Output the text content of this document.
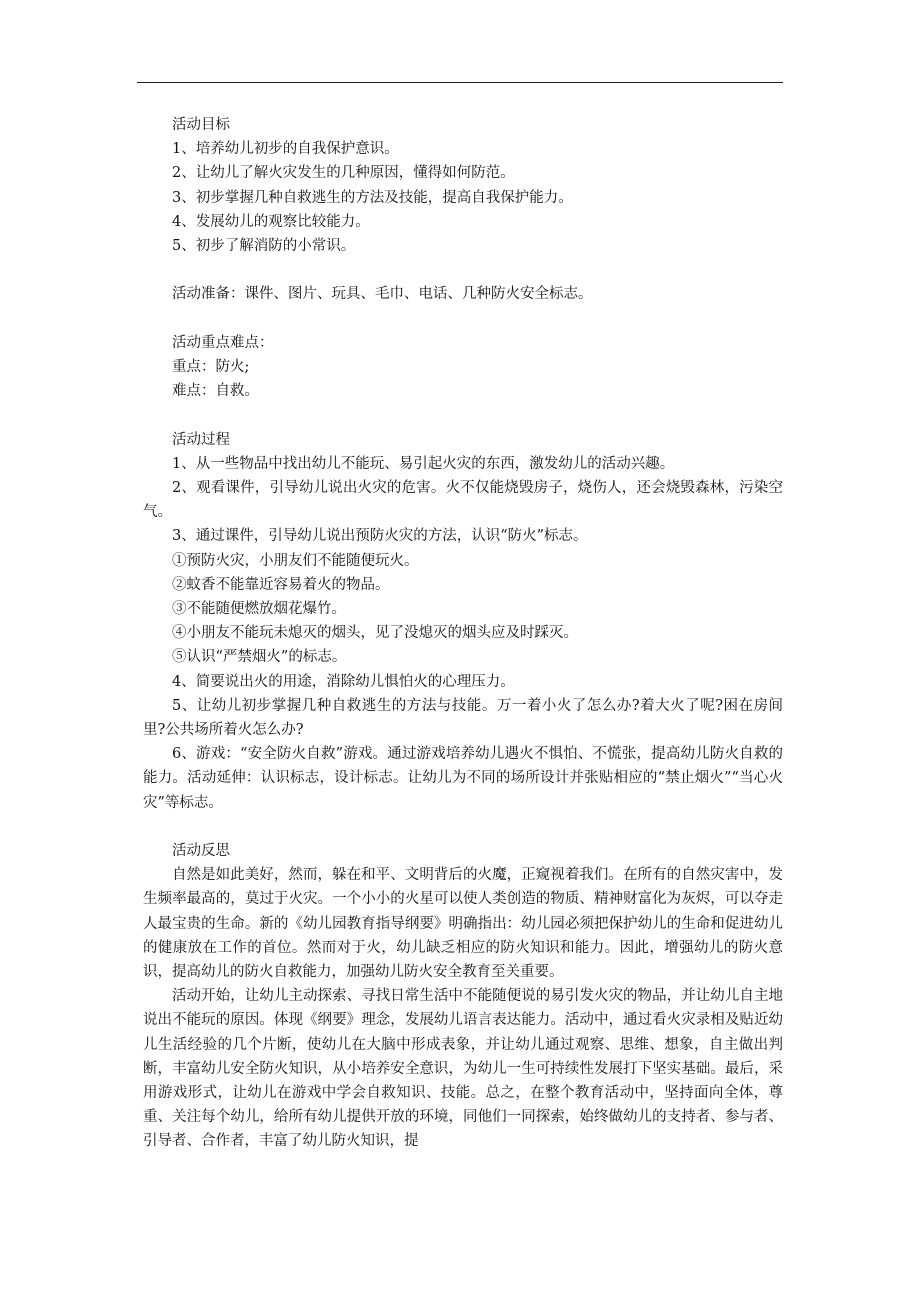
活动目标
1、培养幼儿初步的自我保护意识。
2、让幼儿了解火灾发生的几种原因，懂得如何防范。
3、初步掌握几种自救逃生的方法及技能，提高自我保护能力。
4、发展幼儿的观察比较能力。
5、初步了解消防的小常识。
活动准备：课件、图片、玩具、毛巾、电话、几种防火安全标志。
活动重点难点：
重点：防火;
难点：自救。
活动过程
1、从一些物品中找出幼儿不能玩、易引起火灾的东西，激发幼儿的活动兴趣。
2、观看课件，引导幼儿说出火灾的危害。火不仅能烧毁房子，烧伤人，还会烧毁森林，污染空气。
3、通过课件，引导幼儿说出预防火灾的方法，认识“防火”标志。
①预防火灾，小朋友们不能随便玩火。
②蚊香不能靠近容易着火的物品。
③不能随便燃放烟花爆竹。
④小朋友不能玩未熄灭的烟头，见了没熄灭的烟头应及时踩灭。
⑤认识“严禁烟火”的标志。
4、简要说出火的用途，消除幼儿惧怕火的心理压力。
5、让幼儿初步掌握几种自救逃生的方法与技能。万一着小火了怎么办?着大火了呢?困在房间里?公共场所着火怎么办?
6、游戏：“安全防火自救”游戏。通过游戏培养幼儿遇火不惧怕、不慌张，提高幼儿防火自救的能力。活动延伸：认识标志，设计标志。让幼儿为不同的场所设计并张贴相应的“禁止烟火”“当心火灾”等标志。
活动反思
自然是如此美好，然而，躲在和平、文明背后的火魔，正窥视着我们。在所有的自然灾害中，发生频率最高的，莫过于火灾。一个小小的火星可以使人类创造的物质、精神财富化为灰烬，可以夺走人最宝贵的生命。新的《幼儿园教育指导纲要》明确指出：幼儿园必须把保护幼儿的生命和促进幼儿的健康放在工作的首位。然而对于火，幼儿缺乏相应的防火知识和能力。因此，增强幼儿的防火意识，提高幼儿的防火自救能力，加强幼儿防火安全教育至关重要。
活动开始，让幼儿主动探索、寻找日常生活中不能随便说的易引发火灾的物品，并让幼儿自主地说出不能玩的原因。体现《纲要》理念，发展幼儿语言表达能力。活动中，通过看火灾录相及贴近幼儿生活经验的几个片断，使幼儿在大脑中形成表象，并让幼儿通过观察、思维、想象，自主做出判断，丰富幼儿安全防火知识，从小培养安全意识，为幼儿一生可持续性发展打下坚实基础。最后，采用游戏形式，让幼儿在游戏中学会自救知识、技能。总之，在整个教育活动中，坚持面向全体，尊重、关注每个幼儿，给所有幼儿提供开放的环境，同他们一同探索，始终做幼儿的支持者、参与者、引导者、合作者，丰富了幼儿防火知识，提
